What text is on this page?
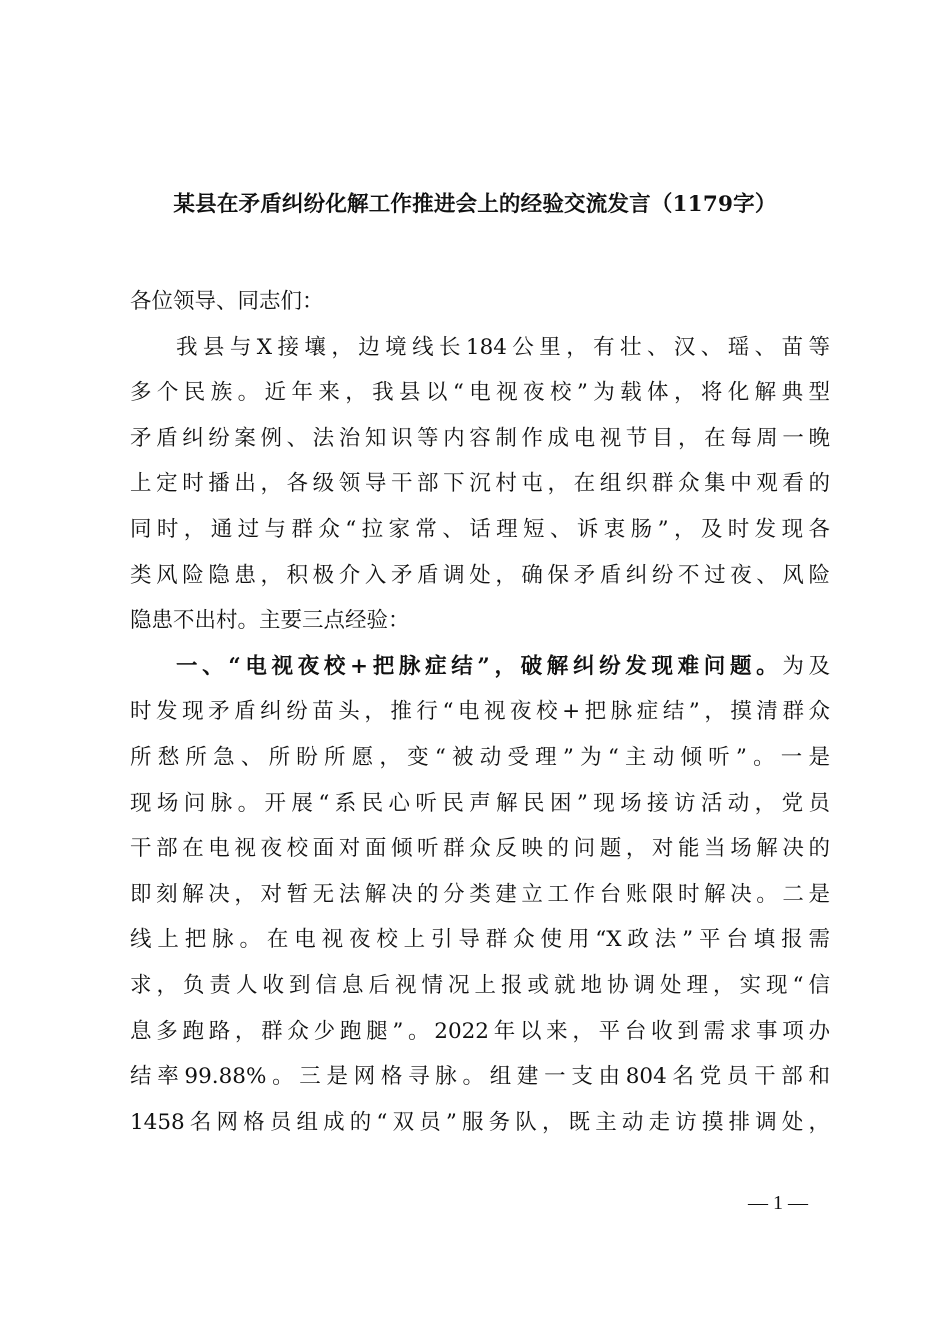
某县在矛盾纠纷化解工作推进会上的经验交流发言（1179字）
各位领导、同志们：
我县与X接壤，边境线长184公里，有壮、汉、瑶、苗等
多个民族。近年来，我县以“电视夜校”为载体，将化解典型
矛盾纠纷案例、法治知识等内容制作成电视节目，在每周一晚
上定时播出，各级领导干部下沉村屯，在组织群众集中观看的
同时，通过与群众“拉家常、话理短、诉衷肠”，及时发现各
类风险隐患，积极介入矛盾调处，确保矛盾纠纷不过夜、风险
隐患不出村。主要三点经验：
一、“电视夜校+把脉症结”，破解纠纷发现难问题。为及
时发现矛盾纠纷苗头，推行“电视夜校+把脉症结”，摸清群众
所愁所急、所盼所愿，变“被动受理”为“主动倾听”。一是
现场问脉。开展“系民心听民声解民困”现场接访活动，党员
干部在电视夜校面对面倾听群众反映的问题，对能当场解决的
即刻解决，对暂无法解决的分类建立工作台账限时解决。二是
线上把脉。在电视夜校上引导群众使用“X政法”平台填报需
求，负责人收到信息后视情况上报或就地协调处理，实现“信
息多跑路，群众少跑腿”。2022年以来，平台收到需求事项办
结率99.88%。三是网格寻脉。组建一支由804名党员干部和
1458名网格员组成的“双员”服务队，既主动走访摸排调处，
— 1 —
